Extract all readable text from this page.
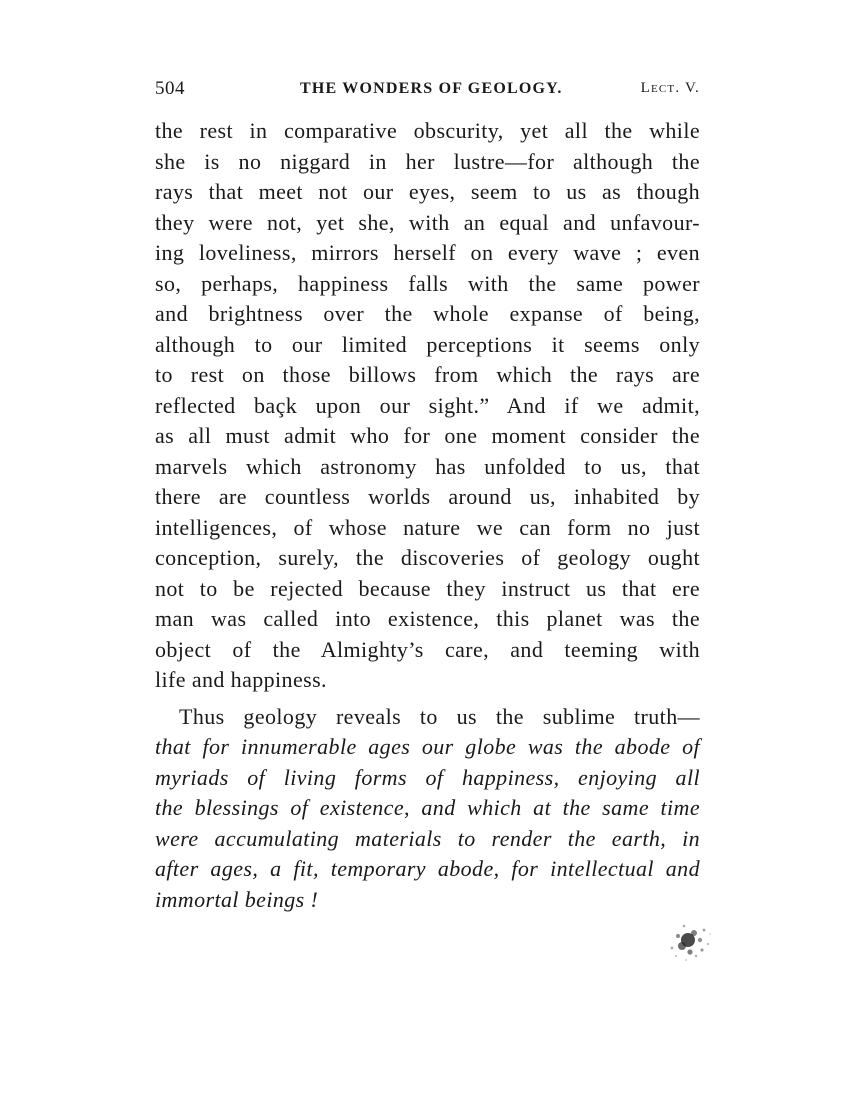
504	THE WONDERS OF GEOLOGY.	Lect. V.
the rest in comparative obscurity, yet all the while
she is no niggard in her lustre—for although the
rays that meet not our eyes, seem to us as though
they were not, yet she, with an equal and unfavour-
ing loveliness, mirrors herself on every wave ; even
so, perhaps, happiness falls with the same power
and brightness over the whole expanse of being,
although to our limited perceptions it seems only
to rest on those billows from which the rays are
reflected baçk upon our sight.” And if we admit,
as all must admit who for one moment consider the
marvels which astronomy has unfolded to us, that
there are countless worlds around us, inhabited by
intelligences, of whose nature we can form no just
conception, surely, the discoveries of geology ought
not to be rejected because they instruct us that ere
man was called into existence, this planet was the
object of the Almighty’s care, and teeming with
life and happiness.
Thus geology reveals to us the sublime truth—
that for innumerable ages our globe was the abode of
myriads of living forms of happiness, enjoying all
the blessings of existence, and which at the same time
were accumulating materials to render the earth, in
after ages, a fit, temporary abode, for intellectual and
immortal beings !
